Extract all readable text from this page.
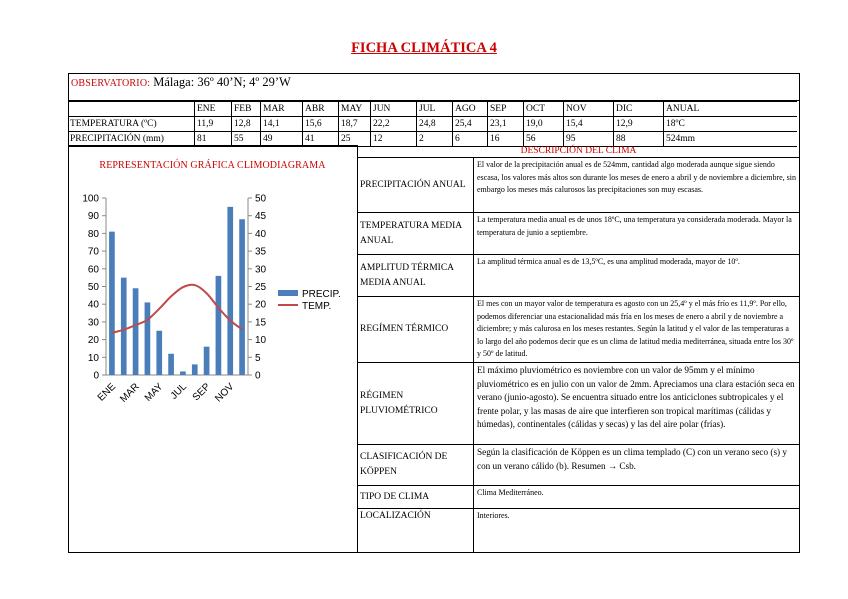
FICHA CLIMÁTICA 4
OBSERVATORIO: Málaga: 36º 40’N; 4º 29’W
	ENE	FEB	MAR	ABR	MAY	JUN	JUL	AGO	SEP	OCT	NOV	DIC	ANUAL
TEMPERATURA (ºC)	11,9	12,8	14,1	15,6	18,7	22,2	24,8	25,4	23,1	19,0	15,4	12,9	18ºC
PRECIPITACIÓN (mm)	81	55	49	41	25	12	2	6	16	56	95	88	524mm
REPRESENTACIÓN GRÁFICA CLIMODIAGRAMA
0
10
20
30
40
50
60
70
80
90
100
0
5
10
15
20
25
30
35
40
45
50
ENE MAR MAY JUL SEP NOV
PRECIP.
TEMP.
DESCRIPCIÓN DEL CLIMA
PRECIPITACIÓN ANUAL	El valor de la precipitación anual es de 524mm, cantidad algo moderada aunque sigue siendo escasa, los valores más altos son durante los meses de enero a abril y de noviembre a diciembre, sin embargo los meses más calurosos las precipitaciones son muy escasas.
TEMPERATURA MEDIA ANUAL	La temperatura media anual es de unos 18ºC, una temperatura ya considerada moderada. Mayor la temperatura de junio a septiembre.
AMPLITUD TÉRMICA MEDIA ANUAL	La amplitud térmica anual es de 13,5ºC, es una amplitud moderada, mayor de 10º.
REGÍMEN TÉRMICO	El mes con un mayor valor de temperatura es agosto con un 25,4º y el más frío es 11,9º. Por ello, podemos diferenciar una estacionalidad más fría en los meses de enero a abril y de noviembre a diciembre; y más calurosa en los meses restantes. Según la latitud y el valor de las temperaturas a lo largo del año podemos decir que es un clima de latitud media mediterránea, situada entre los 30º y 50º de latitud.
RÉGIMEN PLUVIOMÉTRICO	El máximo pluviométrico es noviembre con un valor de 95mm y el mínimo pluviométrico es en julio con un valor de 2mm. Apreciamos una clara estación seca en verano (junio-agosto). Se encuentra situado entre los anticiclones subtropicales y el frente polar, y las masas de aire que interfieren son tropical marítimas (cálidas y húmedas), continentales (cálidas y secas) y las del aire polar (frías).
CLASIFICACIÓN DE KÖPPEN	Según la clasificación de Köppen es un clima templado (C) con un verano seco (s) y con un verano cálido (b). Resumen → Csb.
TIPO DE CLIMA	Clima Mediterráneo.
LOCALIZACIÓN	Interiores.
